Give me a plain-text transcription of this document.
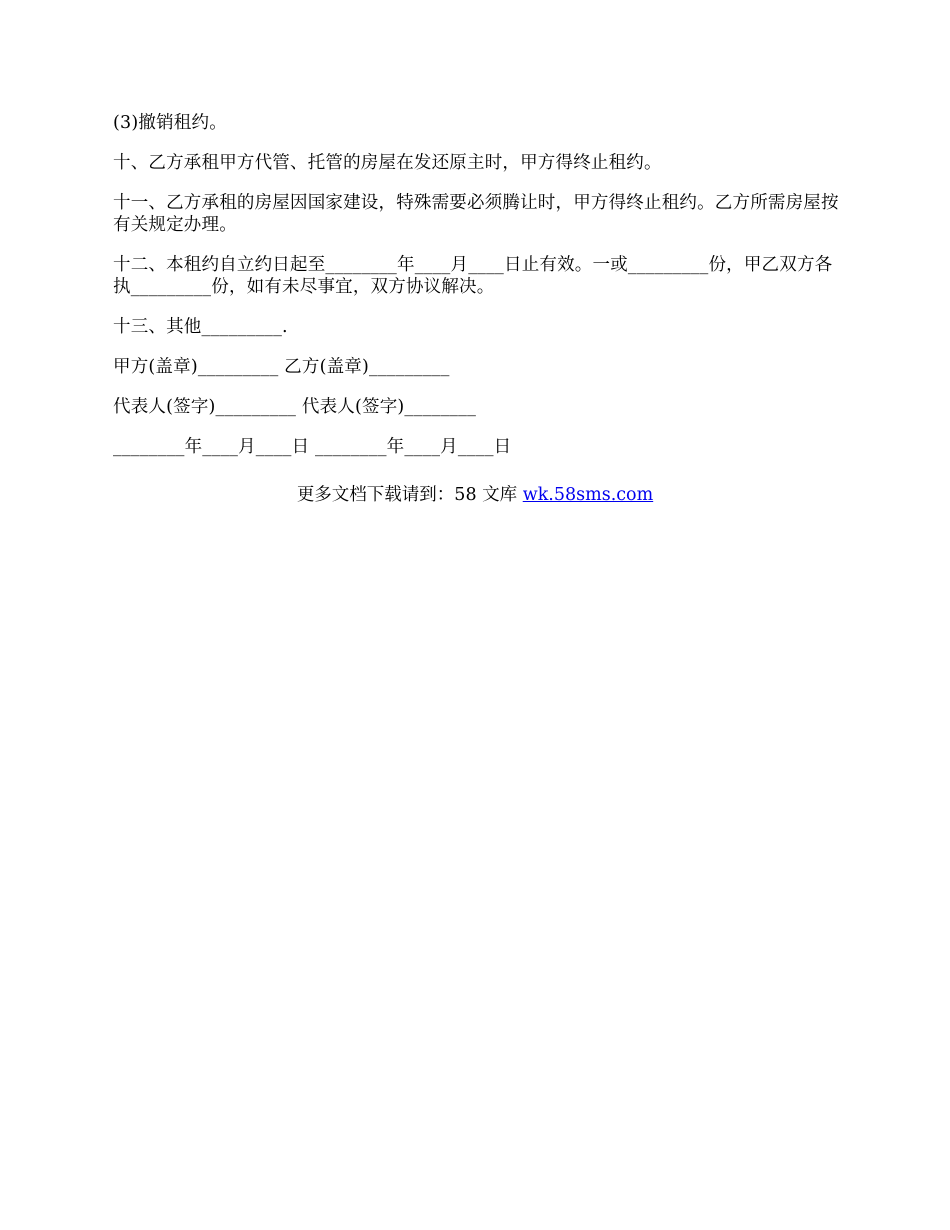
(3)撤销租约。

十、乙方承租甲方代管、托管的房屋在发还原主时，甲方得终止租约。

十一、乙方承租的房屋因国家建设，特殊需要必须腾让时，甲方得终止租约。乙方所需房屋按有关规定办理。

十二、本租约自立约日起至________年____月____日止有效。一或_________份，甲乙双方各执_________份，如有未尽事宜，双方协议解决。

十三、其他_________.

甲方(盖章)_________ 乙方(盖章)_________

代表人(签字)_________ 代表人(签字)________

________年____月____日 ________年____月____日

更多文档下载请到：58 文库 wk.58sms.com
